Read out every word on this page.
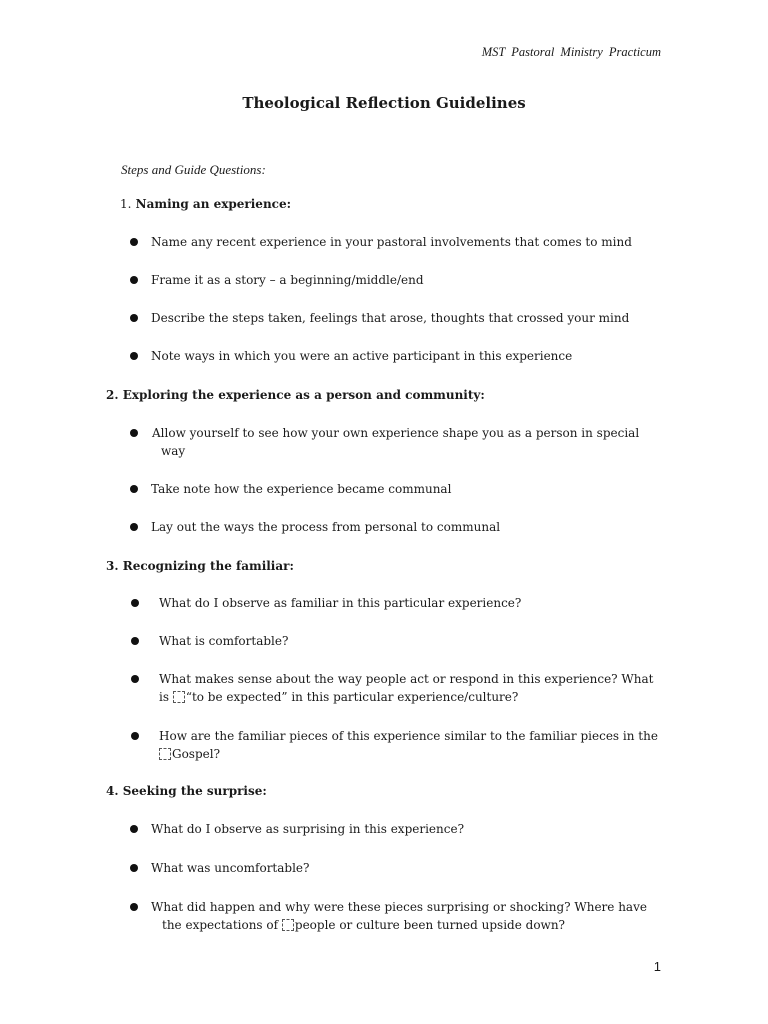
MST Pastoral Ministry Practicum
Theological Reflection Guidelines
Steps and Guide Questions:
1. Naming an experience:
Name any recent experience in your pastoral involvements that comes to mind
Frame it as a story – a beginning/middle/end
Describe the steps taken, feelings that arose, thoughts that crossed your mind
Note ways in which you were an active participant in this experience
2. Exploring the experience as a person and community:
Allow yourself to see how your own experience shape you as a person in special
way
Take note how the experience became communal
Lay out the ways the process from personal to communal
3. Recognizing the familiar:
What do I observe as familiar in this particular experience?
What is comfortable?
What makes sense about the way people act or respond in this experience? What
is “to be expected” in this particular experience/culture?
How are the familiar pieces of this experience similar to the familiar pieces in the
Gospel?
4. Seeking the surprise:
What do I observe as surprising in this experience?
What was uncomfortable?
What did happen and why were these pieces surprising or shocking? Where have
the expectations of people or culture been turned upside down?
1
